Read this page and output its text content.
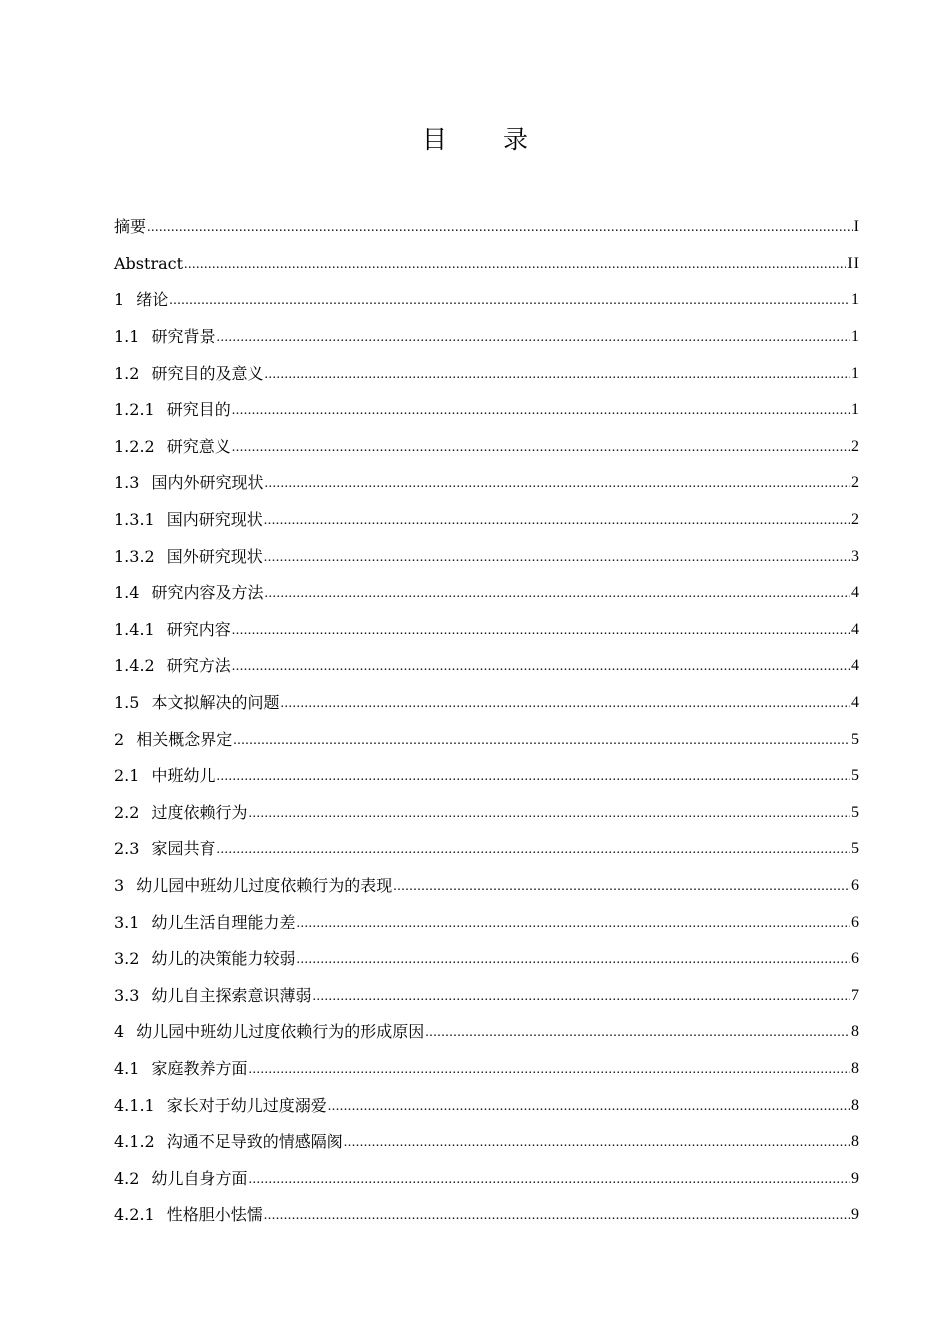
目 录
摘要 .....	I
Abstract .....	II
1 绪论 .....	1
1.1 研究背景 .....	1
1.2 研究目的及意义 .....	1
1.2.1 研究目的 .....	1
1.2.2 研究意义 .....	2
1.3 国内外研究现状 .....	2
1.3.1 国内研究现状 .....	2
1.3.2 国外研究现状 .....	3
1.4 研究内容及方法 .....	4
1.4.1 研究内容 .....	4
1.4.2 研究方法 .....	4
1.5 本文拟解决的问题 .....	4
2 相关概念界定 .....	5
2.1 中班幼儿 .....	5
2.2 过度依赖行为 .....	5
2.3 家园共育 .....	5
3 幼儿园中班幼儿过度依赖行为的表现 .....	6
3.1 幼儿生活自理能力差 .....	6
3.2 幼儿的决策能力较弱 .....	6
3.3 幼儿自主探索意识薄弱 .....	7
4 幼儿园中班幼儿过度依赖行为的形成原因 .....	8
4.1 家庭教养方面 .....	8
4.1.1 家长对于幼儿过度溺爱 .....	8
4.1.2 沟通不足导致的情感隔阂 .....	8
4.2 幼儿自身方面 .....	9
4.2.1 性格胆小怯懦 .....	9
